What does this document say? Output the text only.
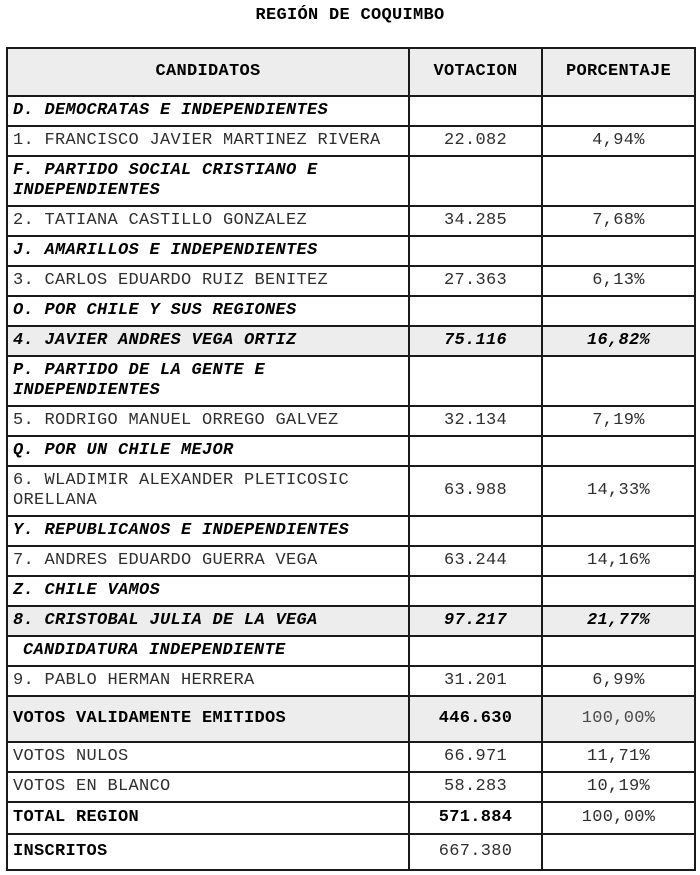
REGIÓN DE COQUIMBO
CANDIDATOS	VOTACION	PORCENTAJE
D. DEMOCRATAS E INDEPENDIENTES		
1. FRANCISCO JAVIER MARTINEZ RIVERA	22.082	4,94%
F. PARTIDO SOCIAL CRISTIANO E INDEPENDIENTES		
2. TATIANA CASTILLO GONZALEZ	34.285	7,68%
J. AMARILLOS E INDEPENDIENTES		
3. CARLOS EDUARDO RUIZ BENITEZ	27.363	6,13%
O. POR CHILE Y SUS REGIONES		
4. JAVIER ANDRES VEGA ORTIZ	75.116	16,82%
P. PARTIDO DE LA GENTE E INDEPENDIENTES		
5. RODRIGO MANUEL ORREGO GALVEZ	32.134	7,19%
Q. POR UN CHILE MEJOR		
6. WLADIMIR ALEXANDER PLETICOSIC ORELLANA	63.988	14,33%
Y. REPUBLICANOS E INDEPENDIENTES		
7. ANDRES EDUARDO GUERRA VEGA	63.244	14,16%
Z. CHILE VAMOS		
8. CRISTOBAL JULIA DE LA VEGA	97.217	21,77%
CANDIDATURA INDEPENDIENTE		
9. PABLO HERMAN HERRERA	31.201	6,99%
VOTOS VALIDAMENTE EMITIDOS	446.630	100,00%
VOTOS NULOS	66.971	11,71%
VOTOS EN BLANCO	58.283	10,19%
TOTAL REGION	571.884	100,00%
INSCRITOS	667.380	
